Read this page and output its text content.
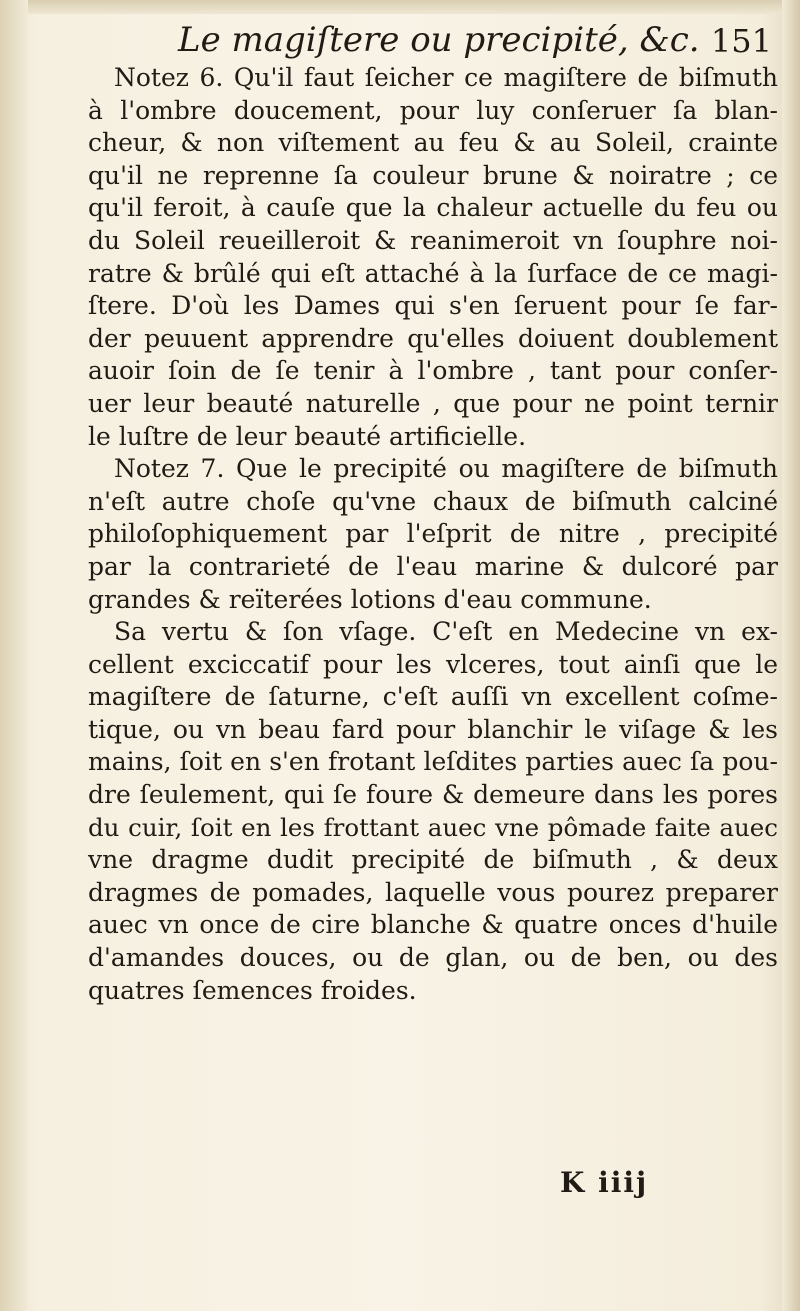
Le magiſtere ou precipité, &c. 151
Notez 6. Qu'il faut ſeicher ce magiſtere de biſmuth
à l'ombre doucement, pour luy conſeruer ſa blan-
cheur, & non viſtement au feu & au Soleil, crainte
qu'il ne reprenne ſa couleur brune & noiratre ; ce
qu'il feroit, à cauſe que la chaleur actuelle du feu ou
du Soleil reueilleroit & reanimeroit vn ſouphre noi-
ratre & brûlé qui eſt attaché à la ſurface de ce magi-
ſtere. D'où les Dames qui s'en ſeruent pour ſe far-
der peuuent apprendre qu'elles doiuent doublement
auoir ſoin de ſe tenir à l'ombre , tant pour conſer-
uer leur beauté naturelle , que pour ne point ternir
le luſtre de leur beauté artificielle.
Notez 7. Que le precipité ou magiſtere de biſmuth
n'eſt autre choſe qu'vne chaux de biſmuth calciné
philoſophiquement par l'eſprit de nitre , precipité
par la contrarieté de l'eau marine & dulcoré par
grandes & reïterées lotions d'eau commune.
Sa vertu & ſon vſage. C'eſt en Medecine vn ex-
cellent exciccatif pour les vlceres, tout ainſi que le
magiſtere de ſaturne, c'eſt auſſi vn excellent coſme-
tique, ou vn beau fard pour blanchir le viſage & les
mains, ſoit en s'en frotant leſdites parties auec ſa pou-
dre ſeulement, qui ſe foure & demeure dans les pores
du cuir, ſoit en les frottant auec vne pômade faite auec
vne dragme dudit precipité de biſmuth , & deux
dragmes de pomades, laquelle vous pourez preparer
auec vn once de cire blanche & quatre onces d'huile
d'amandes douces, ou de glan, ou de ben, ou des
quatres ſemences froides.
K iiij
